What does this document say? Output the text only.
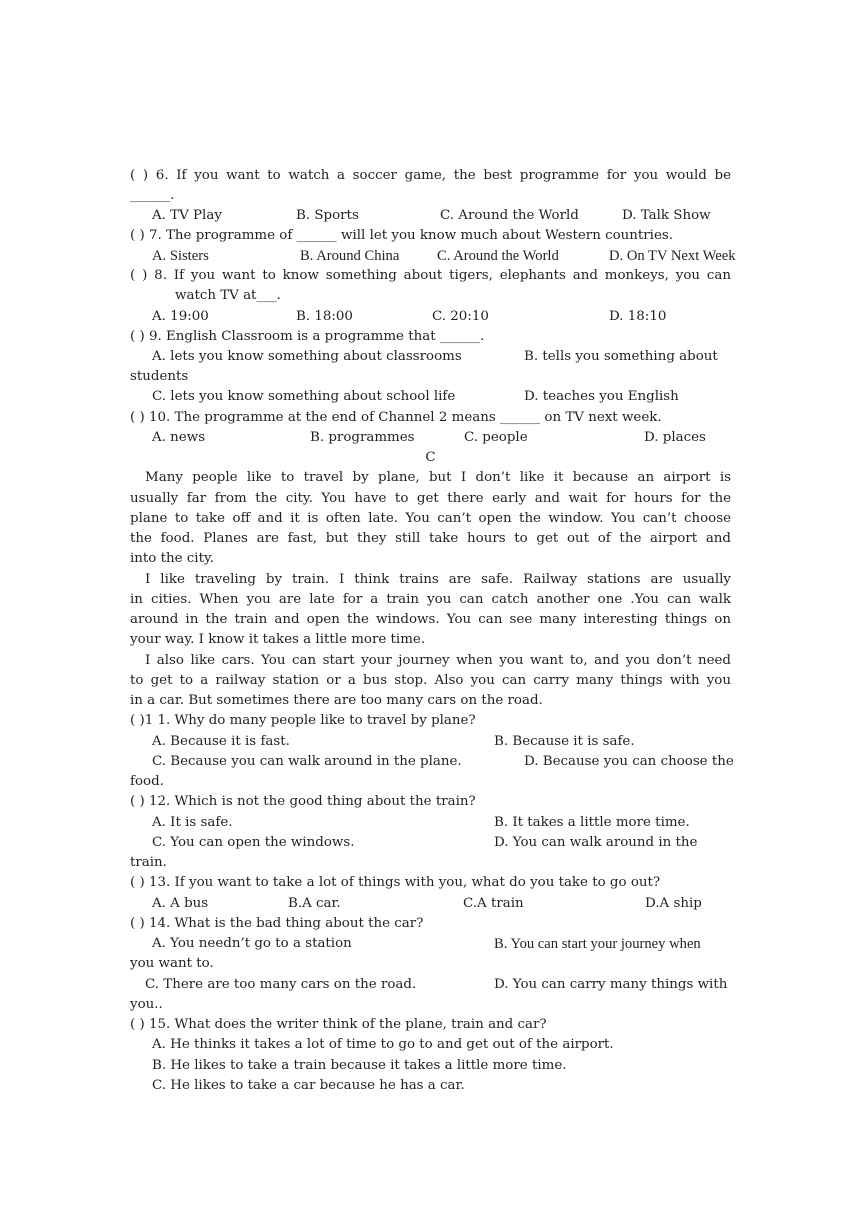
( ) 6. If you want to watch a soccer game, the best programme for you would be
______.
A. TV Play	B. Sports	C. Around the World	D. Talk Show
( ) 7. The programme of ______ will let you know much about Western countries.
A. Sisters	B. Around China	C. Around the World	D. On TV Next Week
( ) 8. If you want to know something about tigers, elephants and monkeys, you can
watch TV at___.
A. 19:00	B. 18:00	C. 20:10	D. 18:10
( ) 9. English Classroom is a programme that ______.
A. lets you know something about classrooms	B. tells you something about
students
C. lets you know something about school life	D. teaches you English
( ) 10. The programme at the end of Channel 2 means ______ on TV next week.
A. news	B. programmes	C. people	D. places
C
Many people like to travel by plane, but I don’t like it because an airport is
usually far from the city. You have to get there early and wait for hours for the
plane to take off and it is often late. You can’t open the window. You can’t choose
the food. Planes are fast, but they still take hours to get out of the airport and
into the city.
I like traveling by train. I think trains are safe. Railway stations are usually
in cities. When you are late for a train you can catch another one .You can walk
around in the train and open the windows. You can see many interesting things on
your way. I know it takes a little more time.
I also like cars. You can start your journey when you want to, and you don’t need
to get to a railway station or a bus stop. Also you can carry many things with you
in a car. But sometimes there are too many cars on the road.
( )1 1. Why do many people like to travel by plane?
A. Because it is fast.	B. Because it is safe.
C. Because you can walk around in the plane.	D. Because you can choose the
food.
( ) 12. Which is not the good thing about the train?
A. It is safe.	B. It takes a little more time.
C. You can open the windows.	D. You can walk around in the
train.
( ) 13. If you want to take a lot of things with you, what do you take to go out?
A. A bus	B.A car.	C.A train	D.A ship
( ) 14. What is the bad thing about the car?
A. You needn’t go to a station	B. You can start your journey when
you want to.
C. There are too many cars on the road.	D. You can carry many things with
you..
( ) 15. What does the writer think of the plane, train and car?
A. He thinks it takes a lot of time to go to and get out of the airport.
B. He likes to take a train because it takes a little more time.
C. He likes to take a car because he has a car.
